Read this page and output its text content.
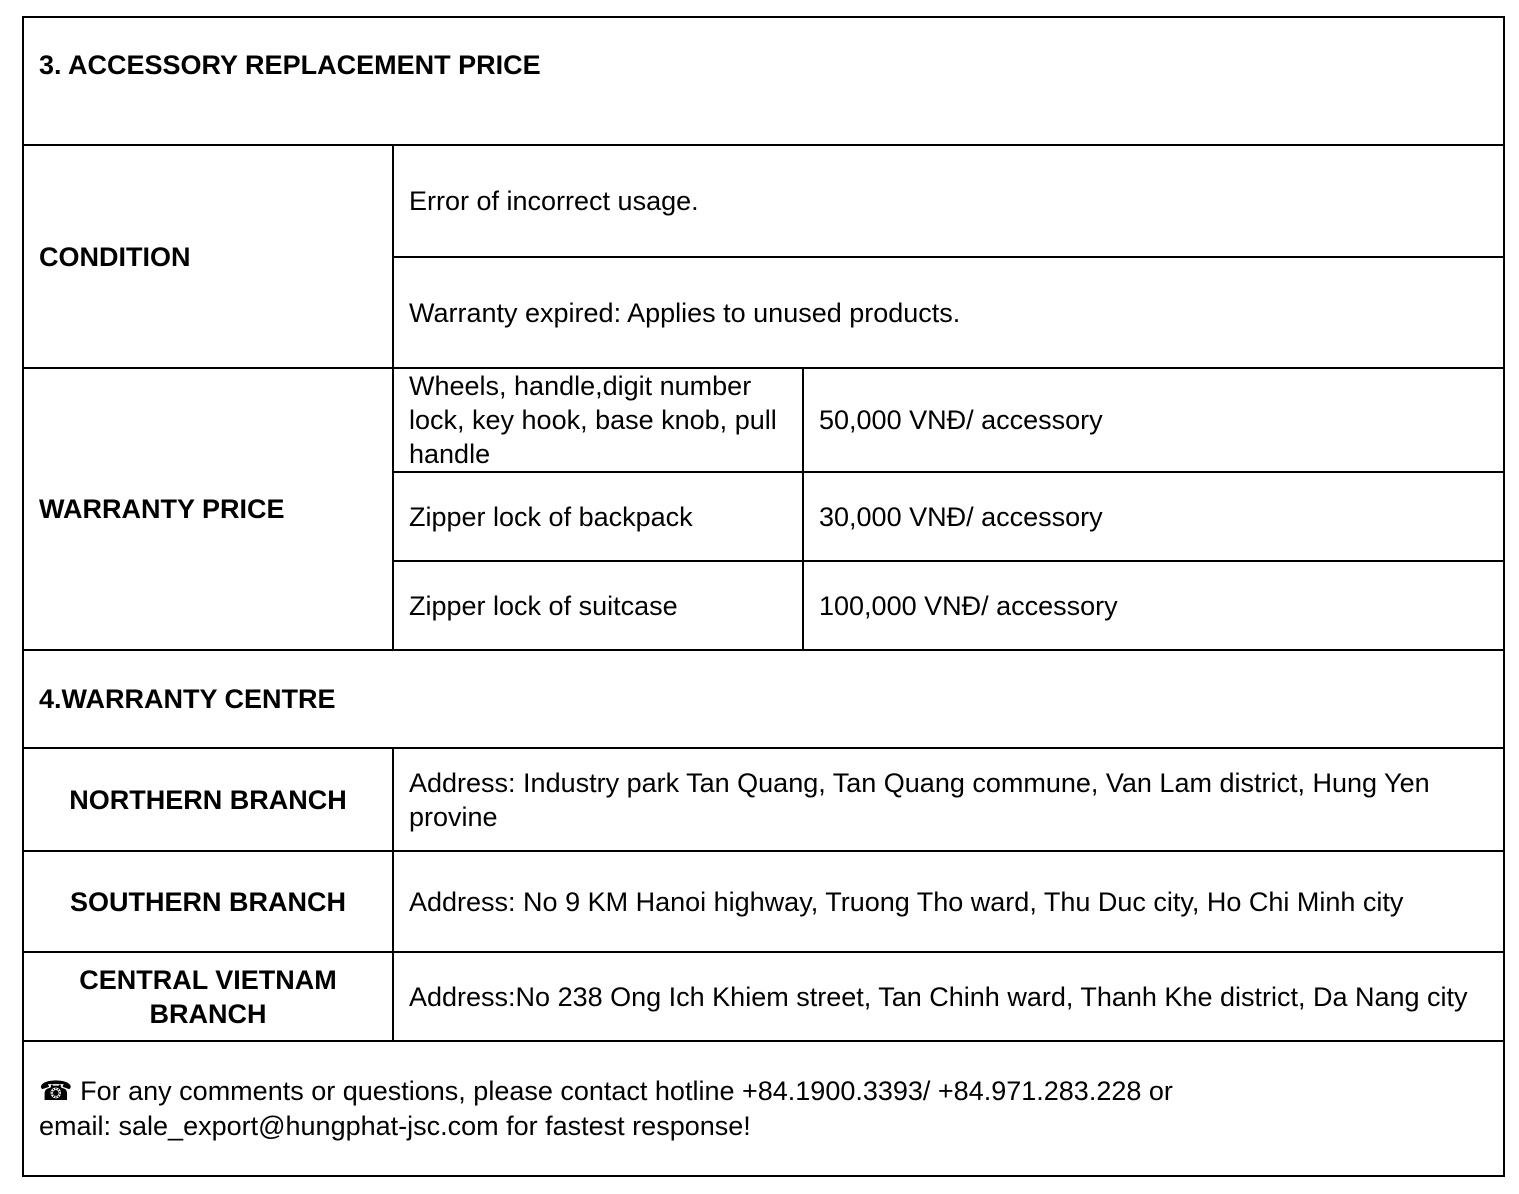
3. ACCESSORY REPLACEMENT PRICE		
CONDITION	Error of incorrect usage.	
	Warranty expired: Applies to unused products.	
WARRANTY PRICE	Wheels, handle,digit number lock, key hook, base knob, pull handle	50,000 VNĐ/ accessory
	Zipper lock of backpack	30,000 VNĐ/ accessory
	Zipper lock of suitcase	100,000 VNĐ/ accessory
4.WARRANTY CENTRE		
NORTHERN BRANCH	Address: Industry park Tan Quang, Tan Quang commune, Van Lam district, Hung Yen provine	
SOUTHERN BRANCH	Address: No 9 KM Hanoi highway, Truong Tho ward, Thu Duc city, Ho Chi Minh city	
CENTRAL VIETNAM BRANCH	Address:No 238 Ong Ich Khiem street, Tan Chinh ward, Thanh Khe district, Da Nang city	
☎ For any comments or questions, please contact hotline +84.1900.3393/ +84.971.283.228 or
email: sale_export@hungphat-jsc.com for fastest response!		
